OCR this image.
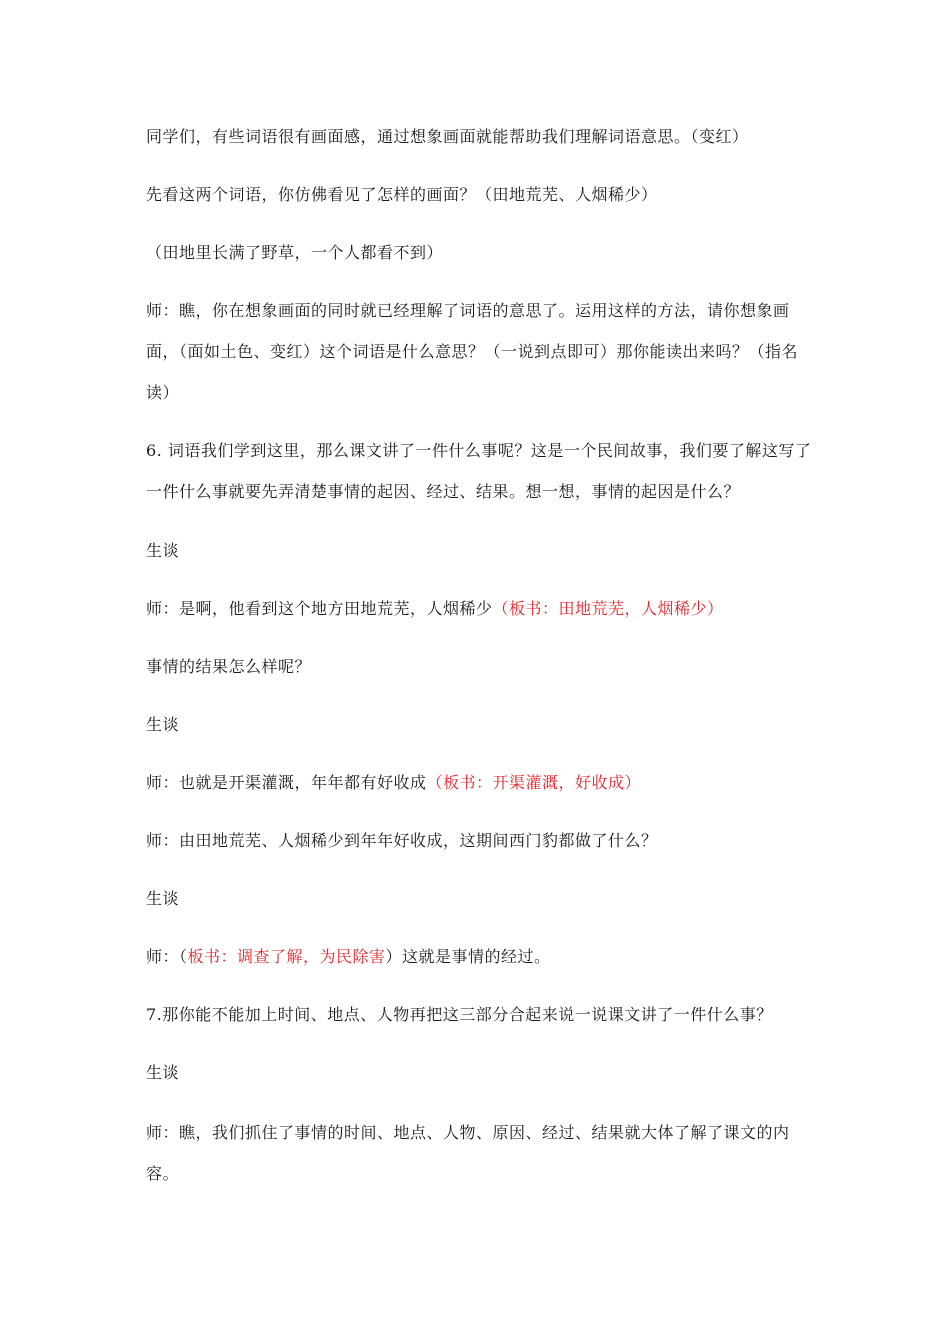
同学们，有些词语很有画面感，通过想象画面就能帮助我们理解词语意思。（变红）

先看这两个词语，你仿佛看见了怎样的画面？（田地荒芜、人烟稀少）

（田地里长满了野草，一个人都看不到）

师：瞧，你在想象画面的同时就已经理解了词语的意思了。运用这样的方法，请你想象画面，（面如土色、变红）这个词语是什么意思？（一说到点即可）那你能读出来吗？（指名读）

6. 词语我们学到这里，那么课文讲了一件什么事呢？这是一个民间故事，我们要了解这写了一件什么事就要先弄清楚事情的起因、经过、结果。想一想，事情的起因是什么？

生谈

师：是啊，他看到这个地方田地荒芜，人烟稀少（板书：田地荒芜，人烟稀少）

事情的结果怎么样呢？

生谈

师：也就是开渠灌溉，年年都有好收成（板书：开渠灌溉，好收成）

师：由田地荒芜、人烟稀少到年年好收成，这期间西门豹都做了什么？

生谈

师：（板书：调查了解，为民除害）这就是事情的经过。

7.那你能不能加上时间、地点、人物再把这三部分合起来说一说课文讲了一件什么事？

生谈

师：瞧，我们抓住了事情的时间、地点、人物、原因、经过、结果就大体了解了课文的内容。
